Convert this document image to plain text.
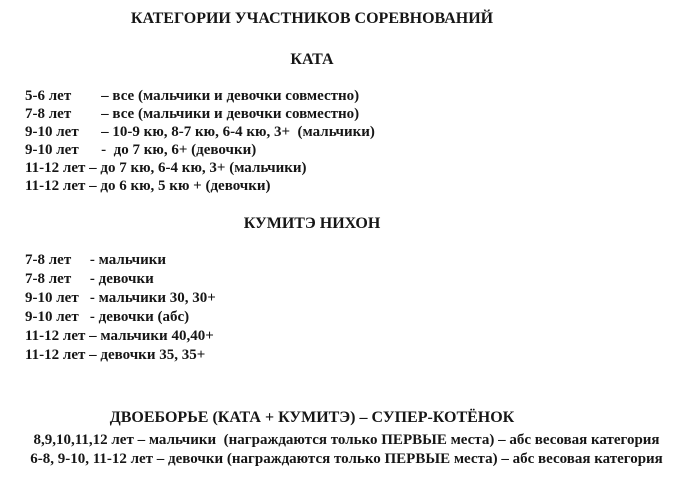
КАТЕГОРИИ УЧАСТНИКОВ СОРЕВНОВАНИЙ
КАТА
5-6 лет        – все (мальчики и девочки совместно)
7-8 лет        – все (мальчики и девочки совместно)
9-10 лет      – 10-9 кю, 8-7 кю, 6-4 кю, 3+  (мальчики)
9-10 лет      -  до 7 кю, 6+ (девочки)
11-12 лет – до 7 кю, 6-4 кю, 3+ (мальчики)
11-12 лет – до 6 кю, 5 кю + (девочки)
КУМИТЭ НИХОН
7-8 лет     - мальчики
7-8 лет     - девочки
9-10 лет   - мальчики 30, 30+
9-10 лет   - девочки (абс)
11-12 лет – мальчики 40,40+
11-12 лет – девочки 35, 35+
ДВОЕБОРЬЕ (КАТА + КУМИТЭ) – СУПЕР-КОТЁНОК
8,9,10,11,12 лет – мальчики  (награждаются только ПЕРВЫЕ места) – абс весовая категория
6-8, 9-10, 11-12 лет – девочки (награждаются только ПЕРВЫЕ места) – абс весовая категория
